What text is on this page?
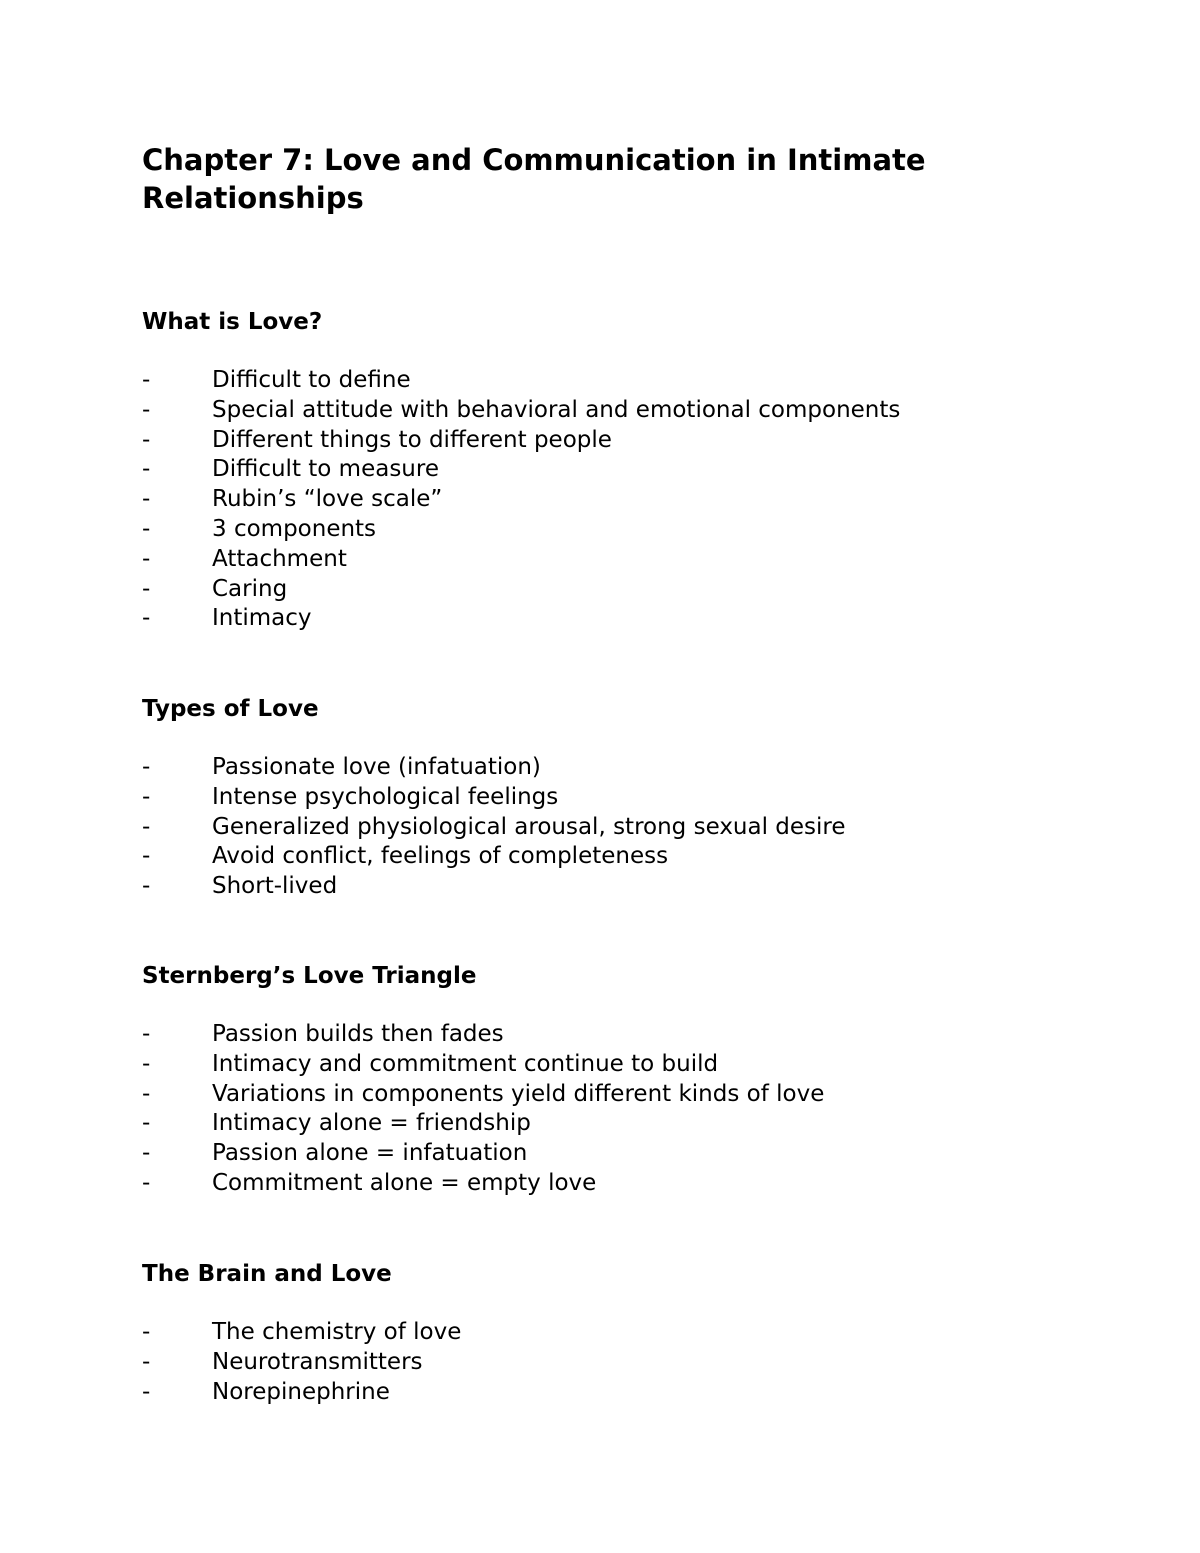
Chapter 7: Love and Communication in Intimate Relationships
What is Love?
-	Difficult to define
-	Special attitude with behavioral and emotional components
-	Different things to different people
-	Difficult to measure
-	Rubin’s “love scale”
-	3 components
-	Attachment
-	Caring
-	Intimacy
Types of Love
-	Passionate love (infatuation)
-	Intense psychological feelings
-	Generalized physiological arousal, strong sexual desire
-	Avoid conflict, feelings of completeness
-	Short-lived
Sternberg’s Love Triangle
-	Passion builds then fades
-	Intimacy and commitment continue to build
-	Variations in components yield different kinds of love
-	Intimacy alone = friendship
-	Passion alone = infatuation
-	Commitment alone = empty love
The Brain and Love
-	The chemistry of love
-	Neurotransmitters
-	Norepinephrine
